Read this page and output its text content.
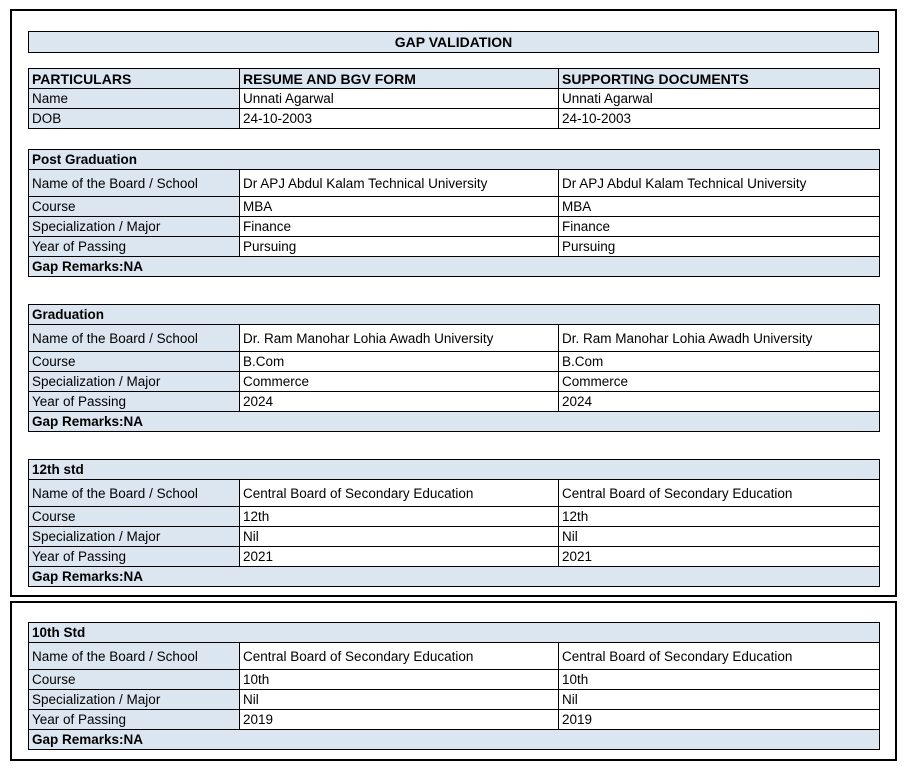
GAP VALIDATION
PARTICULARS	RESUME AND BGV FORM	SUPPORTING DOCUMENTS
Name	Unnati Agarwal	Unnati Agarwal
DOB	24-10-2003	24-10-2003
Post Graduation		
Name of the Board / School	Dr APJ Abdul Kalam Technical University	Dr APJ Abdul Kalam Technical University
Course	MBA	MBA
Specialization / Major	Finance	Finance
Year of Passing	Pursuing	Pursuing
Gap Remarks:NA		
Graduation		
Name of the Board / School	Dr. Ram Manohar Lohia Awadh University	Dr. Ram Manohar Lohia Awadh University
Course	B.Com	B.Com
Specialization / Major	Commerce	Commerce
Year of Passing	2024	2024
Gap Remarks:NA		
12th std		
Name of the Board / School	Central Board of Secondary Education	Central Board of Secondary Education
Course	12th	12th
Specialization / Major	Nil	Nil
Year of Passing	2021	2021
Gap Remarks:NA		
10th Std		
Name of the Board / School	Central Board of Secondary Education	Central Board of Secondary Education
Course	10th	10th
Specialization / Major	Nil	Nil
Year of Passing	2019	2019
Gap Remarks:NA		
